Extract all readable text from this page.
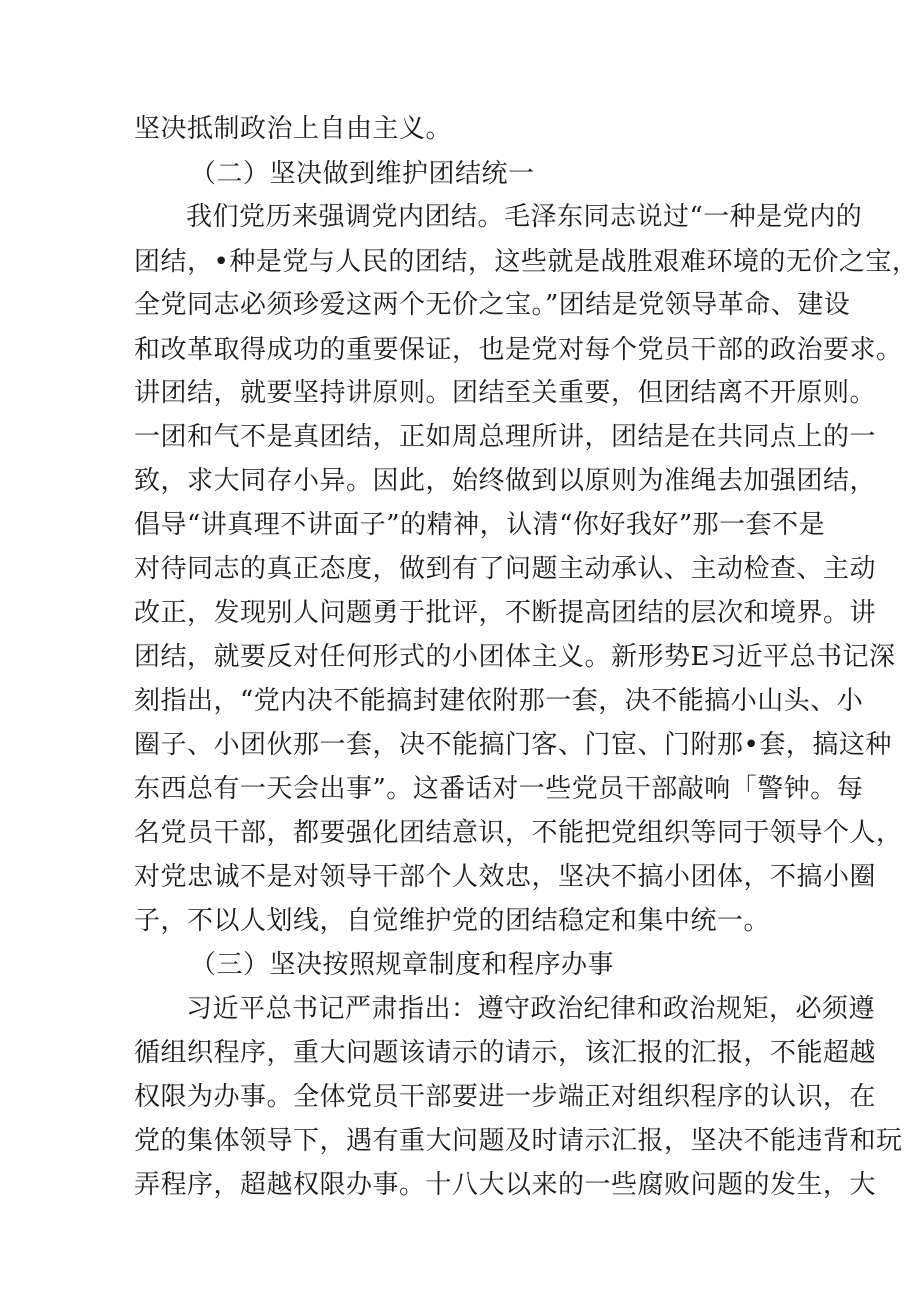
坚决抵制政治上自由主义。
（二）坚决做到维护团结统一
我们党历来强调党内团结。毛泽东同志说过“一种是党内的
团结，•种是党与人民的团结，这些就是战胜艰难环境的无价之宝，
全党同志必须珍爱这两个无价之宝。”团结是党领导革命、建设
和改革取得成功的重要保证，也是党对每个党员干部的政治要求。
讲团结，就要坚持讲原则。团结至关重要，但团结离不开原则。
一团和气不是真团结，正如周总理所讲，团结是在共同点上的一
致，求大同存小异。因此，始终做到以原则为准绳去加强团结，
倡导“讲真理不讲面子”的精神，认清“你好我好”那一套不是
对待同志的真正态度，做到有了问题主动承认、主动检查、主动
改正，发现别人问题勇于批评，不断提高团结的层次和境界。讲
团结，就要反对任何形式的小团体主义。新形势E习近平总书记深
刻指出，“党内决不能搞封建依附那一套，决不能搞小山头、小
圈子、小团伙那一套，决不能搞门客、门宦、门附那•套，搞这种
东西总有一天会出事”。这番话对一些党员干部敲响「警钟。每
名党员干部，都要强化团结意识，不能把党组织等同于领导个人，
对党忠诚不是对领导干部个人效忠，坚决不搞小团体，不搞小圈
子，不以人划线，自觉维护党的团结稳定和集中统一。
（三）坚决按照规章制度和程序办事
习近平总书记严肃指出：遵守政治纪律和政治规矩，必须遵
循组织程序，重大问题该请示的请示，该汇报的汇报，不能超越
权限为办事。全体党员干部要进一步端正对组织程序的认识，在
党的集体领导下，遇有重大问题及时请示汇报，坚决不能违背和玩
弄程序，超越权限办事。十八大以来的一些腐败问题的发生，大
